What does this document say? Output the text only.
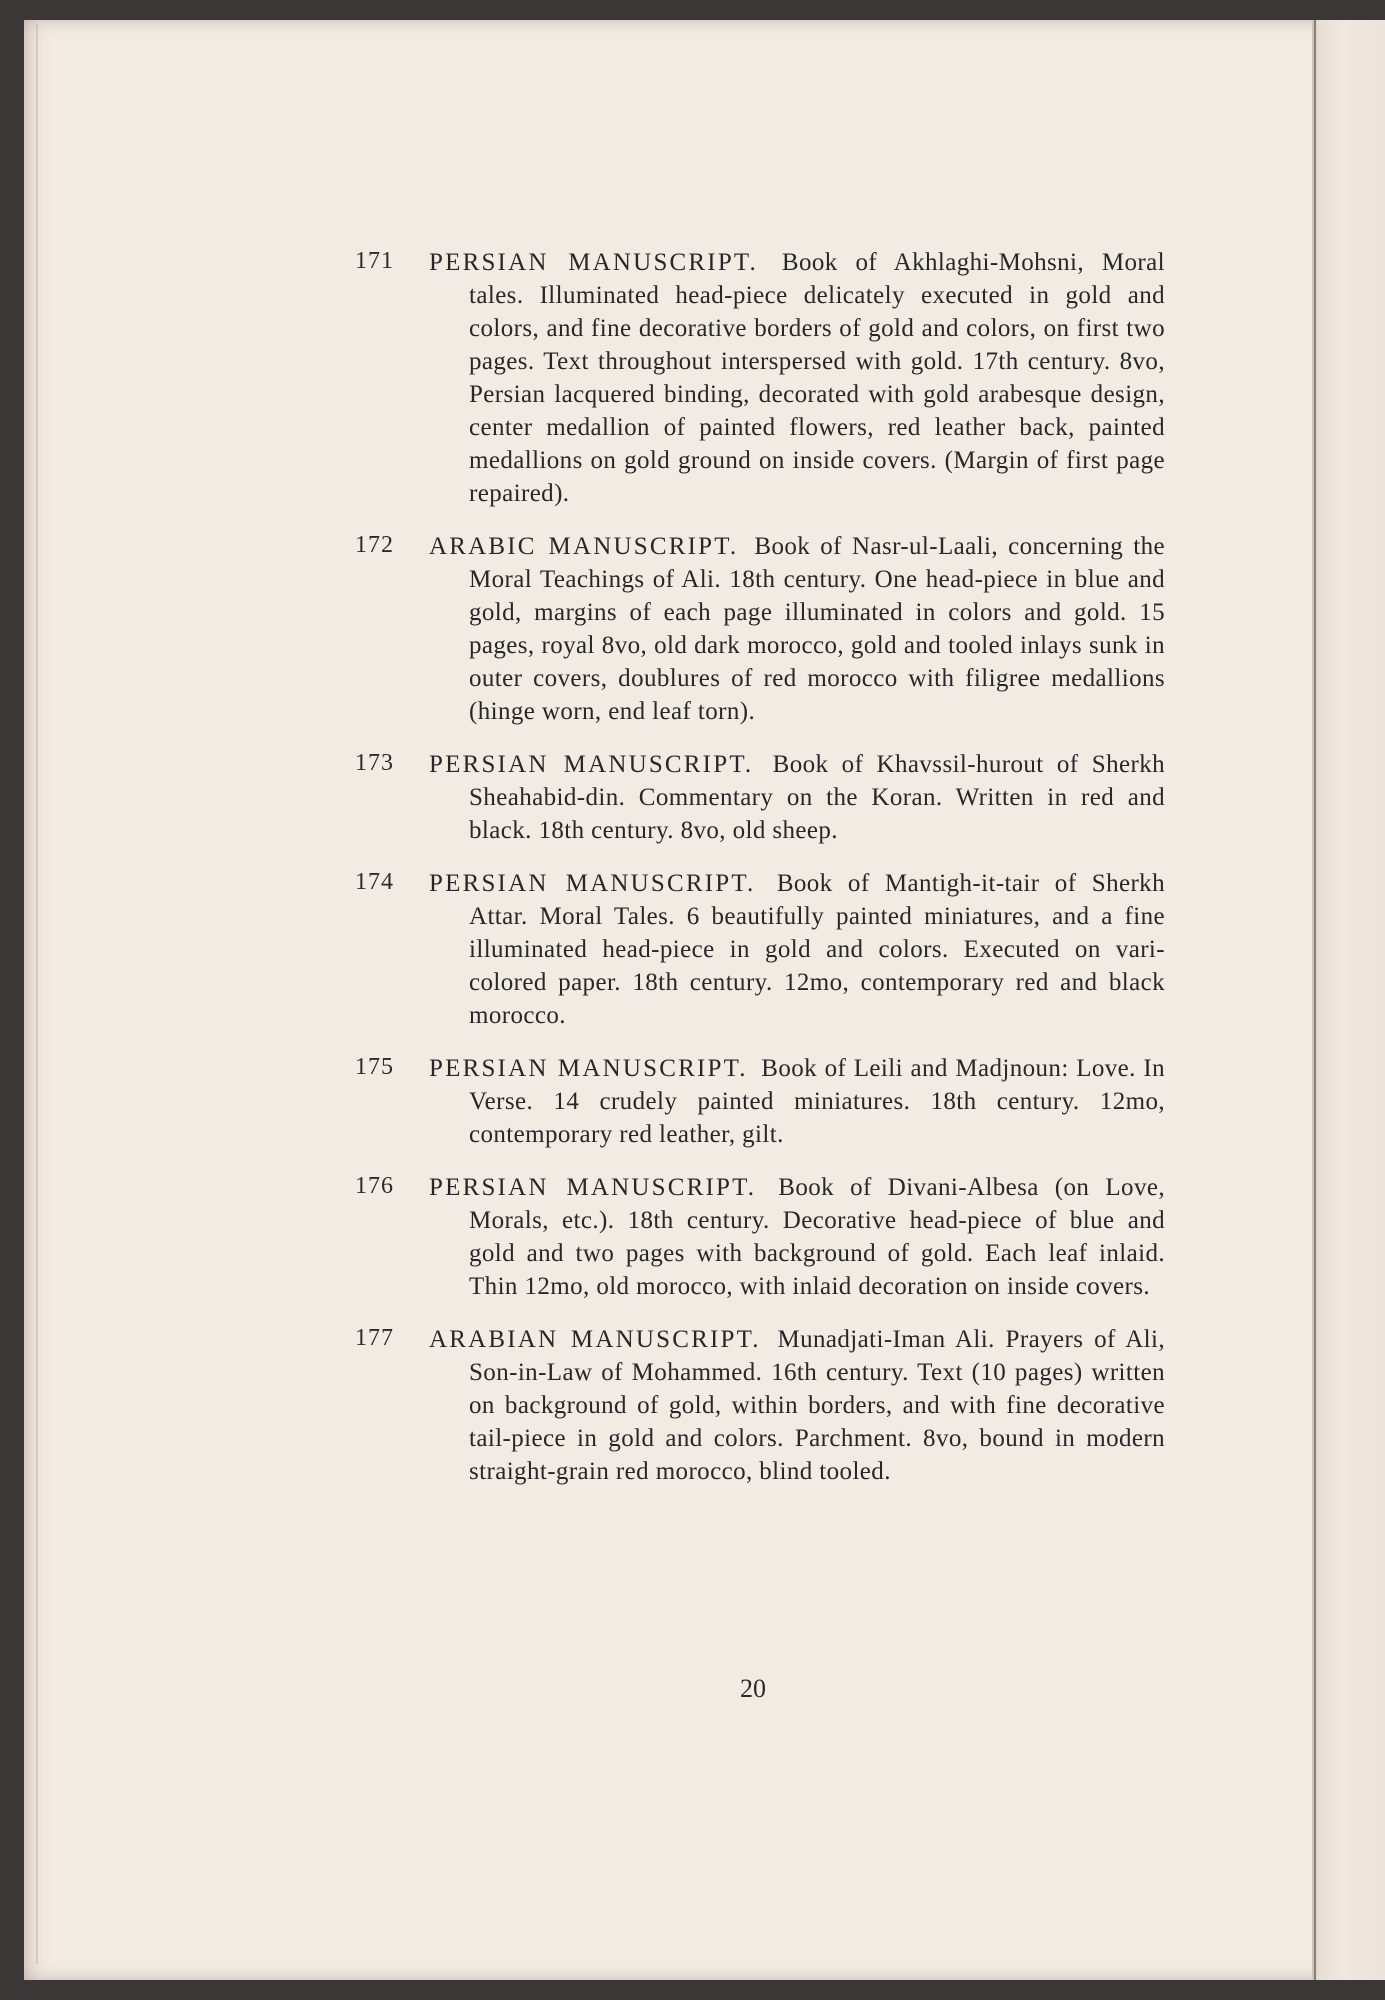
171 PERSIAN MANUSCRIPT. Book of Akhlaghi-Mohsni, Moral tales. Illuminated head-piece delicately executed in gold and colors, and fine decorative borders of gold and colors, on first two pages. Text throughout interspersed with gold. 17th century. 8vo, Persian lacquered binding, decorated with gold arabesque design, center medallion of painted flowers, red leather back, painted medallions on gold ground on inside covers. (Margin of first page repaired).
172 ARABIC MANUSCRIPT. Book of Nasr-ul-Laali, concerning the Moral Teachings of Ali. 18th century. One head-piece in blue and gold, margins of each page illuminated in colors and gold. 15 pages, royal 8vo, old dark morocco, gold and tooled inlays sunk in outer covers, doublures of red morocco with filigree medallions (hinge worn, end leaf torn).
173 PERSIAN MANUSCRIPT. Book of Khavssil-hurout of Sherkh Sheahabid-din. Commentary on the Koran. Written in red and black. 18th century. 8vo, old sheep.
174 PERSIAN MANUSCRIPT. Book of Mantigh-it-tair of Sherkh Attar. Moral Tales. 6 beautifully painted miniatures, and a fine illuminated head-piece in gold and colors. Executed on vari-colored paper. 18th century. 12mo, contemporary red and black morocco.
175 PERSIAN MANUSCRIPT. Book of Leili and Madjnoun: Love. In Verse. 14 crudely painted miniatures. 18th century. 12mo, contemporary red leather, gilt.
176 PERSIAN MANUSCRIPT. Book of Divani-Albesa (on Love, Morals, etc.). 18th century. Decorative head-piece of blue and gold and two pages with background of gold. Each leaf inlaid. Thin 12mo, old morocco, with inlaid decoration on inside covers.
177 ARABIAN MANUSCRIPT. Munadjati-Iman Ali. Prayers of Ali, Son-in-Law of Mohammed. 16th century. Text (10 pages) written on background of gold, within borders, and with fine decorative tail-piece in gold and colors. Parchment. 8vo, bound in modern straight-grain red morocco, blind tooled.
20
